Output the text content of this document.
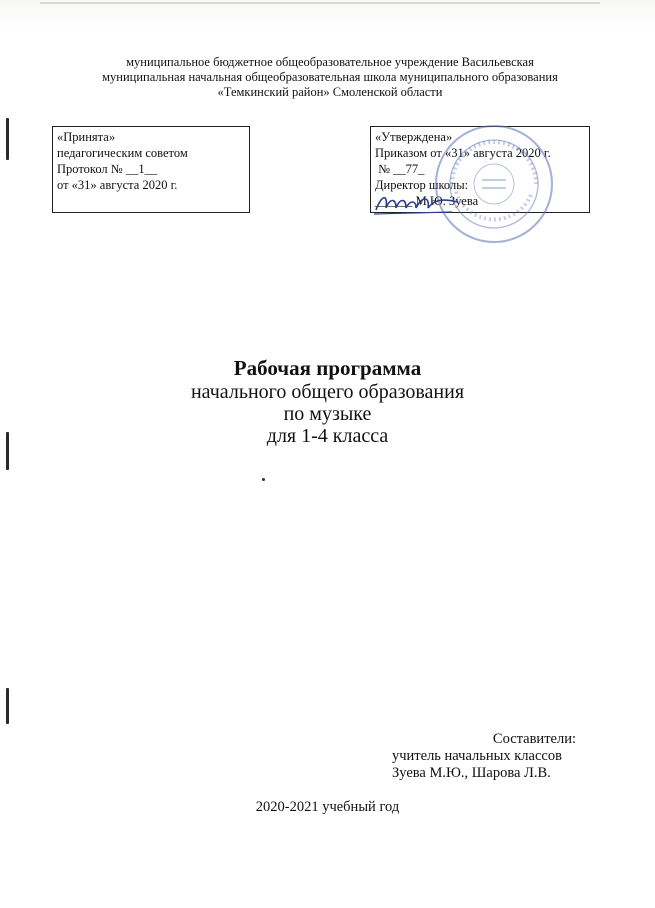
муниципальное бюджетное общеобразовательное учреждение Васильевская
муниципальная начальная общеобразовательная школа муниципального образования
«Темкинский район» Смоленской области
«Принята»
педагогическим советом
Протокол № __1__
от «31» августа 2020 г.
«Утверждена»
Приказом от «31» августа 2020 г.
№ __77_
Директор школы:
______ М.Ю. Зуева
Рабочая программа
начального общего образования
по музыке
для 1-4 класса
Составители:
учитель начальных классов
Зуева М.Ю., Шарова Л.В.
2020-2021 учебный год
